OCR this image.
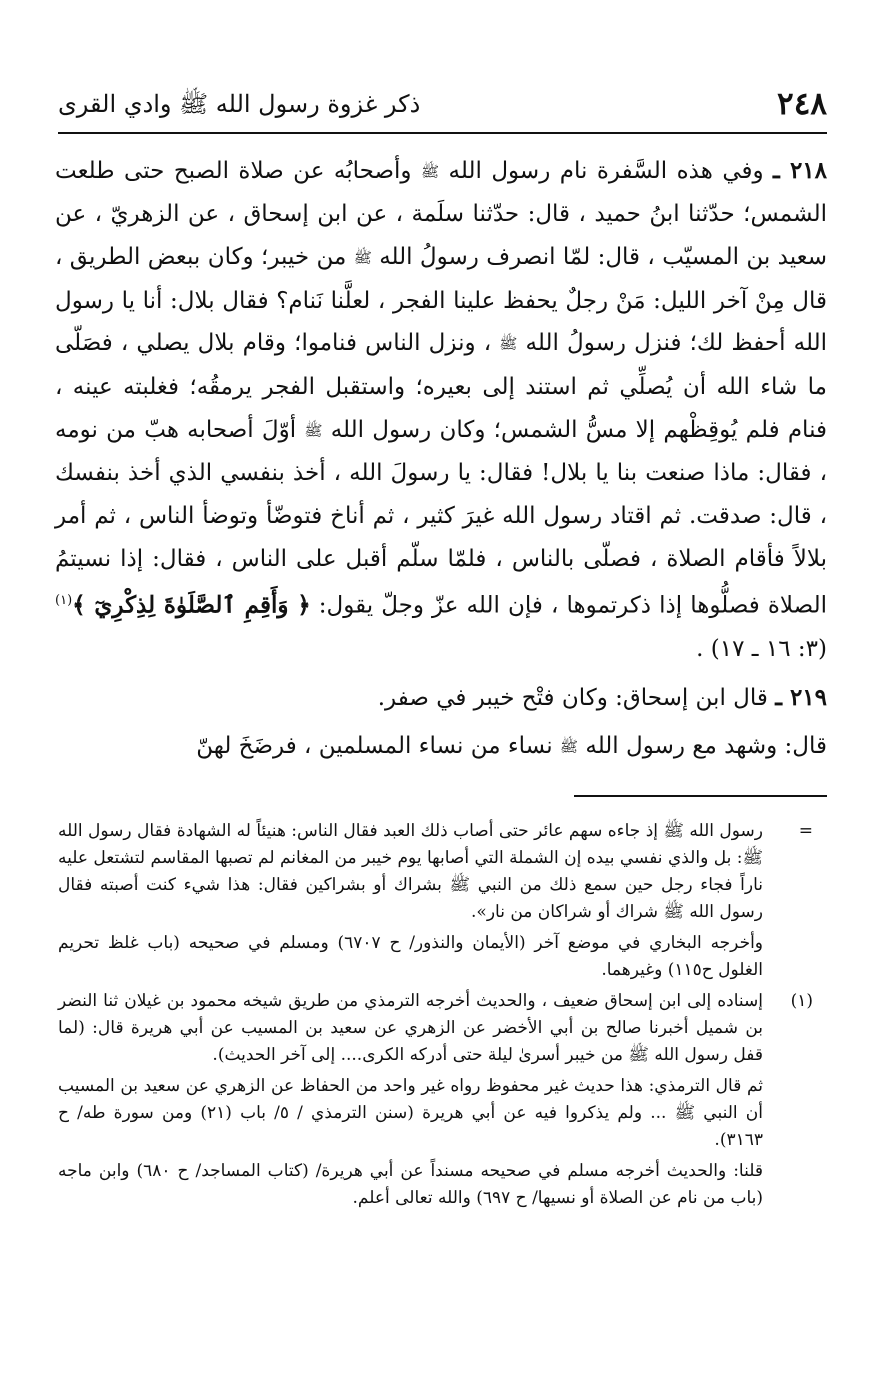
٢٤٨
ذكر غزوة رسول الله ﷺ وادي القرى

٢١٨ ـ وفي هذه السَّفرة نام رسول الله ﷺ وأصحابُه عن صلاة الصبح حتى طلعت الشمس؛ حدّثنا ابنُ حميد ، قال: حدّثنا سلَمة ، عن ابن إسحاق ، عن الزهريّ ، عن سعيد بن المسيّب ، قال: لمّا انصرف رسولُ الله ﷺ من خيبر؛ وكان ببعض الطريق ، قال مِنْ آخر الليل: مَنْ رجلٌ يحفظ علينا الفجر ، لعلَّنا نَنام؟ فقال بلال: أنا يا رسول الله أحفظ لك؛ فنزل رسولُ الله ﷺ ، ونزل الناس فناموا؛ وقام بلال يصلي ، فصَلّى ما شاء الله أن يُصلِّي ثم استند إلى بعيره؛ واستقبل الفجر يرمقُه؛ فغلبته عينه ، فنام فلم يُوقِظْهم إلا مسُّ الشمس؛ وكان رسول الله ﷺ أوّلَ أصحابه هبّ من نومه ، فقال: ماذا صنعت بنا يا بلال! فقال: يا رسولَ الله ، أخذ بنفسي الذي أخذ بنفسك ، قال: صدقت. ثم اقتاد رسول الله غيرَ كثير ، ثم أناخ فتوضّأ وتوضأ الناس ، ثم أمر بلالاً فأقام الصلاة ، فصلّى بالناس ، فلمّا سلّم أقبل على الناس ، فقال: إذا نسيتمُ الصلاة فصلُّوها إذا ذكرتموها ، فإن الله عزّ وجلّ يقول: ﴿ وَأَقِمِ ٱلصَّلَوٰةَ لِذِكْرِيٓ ﴾$^{(١)}$ (٣: ١٦ ـ ١٧) .

٢١٩ ـ قال ابن إسحاق: وكان فتْح خيبر في صفر.

قال: وشهد مع رسول الله ﷺ نساء من نساء المسلمين ، فرضَخَ لهنّ

=

رسول الله ﷺ إذ جاءه سهم عائر حتى أصاب ذلك العبد فقال الناس: هنيئاً له الشهادة فقال رسول الله ﷺ: بل والذي نفسي بيده إن الشملة التي أصابها يوم خيبر من المغانم لم تصبها المقاسم لتشتعل عليه ناراً فجاء رجل حين سمع ذلك من النبي ﷺ بشراك أو بشراكين فقال: هذا شيء كنت أصبته فقال رسول الله ﷺ شراك أو شراكان من نار».

وأخرجه البخاري في موضع آخر (الأيمان والنذور/ ح ٦٧٠٧) ومسلم في صحيحه (باب غلظ تحريم الغلول ح١١٥) وغيرهما.

(١)

إسناده إلى ابن إسحاق ضعيف ، والحديث أخرجه الترمذي من طريق شيخه محمود بن غيلان ثنا النضر بن شميل أخبرنا صالح بن أبي الأخضر عن الزهري عن سعيد بن المسيب عن أبي هريرة قال: (لما قفل رسول الله ﷺ من خيبر أسرىٰ ليلة حتى أدركه الكرى.... إلى آخر الحديث).

ثم قال الترمذي: هذا حديث غير محفوظ رواه غير واحد من الحفاظ عن الزهري عن سعيد بن المسيب أن النبي ﷺ ... ولم يذكروا فيه عن أبي هريرة (سنن الترمذي / ٥/ باب (٢١) ومن سورة طه/ ح ٣١٦٣).

قلنا: والحديث أخرجه مسلم في صحيحه مسنداً عن أبي هريرة/ (كتاب المساجد/ ح ٦٨٠) وابن ماجه (باب من نام عن الصلاة أو نسيها/ ح ٦٩٧) والله تعالى أعلم.
